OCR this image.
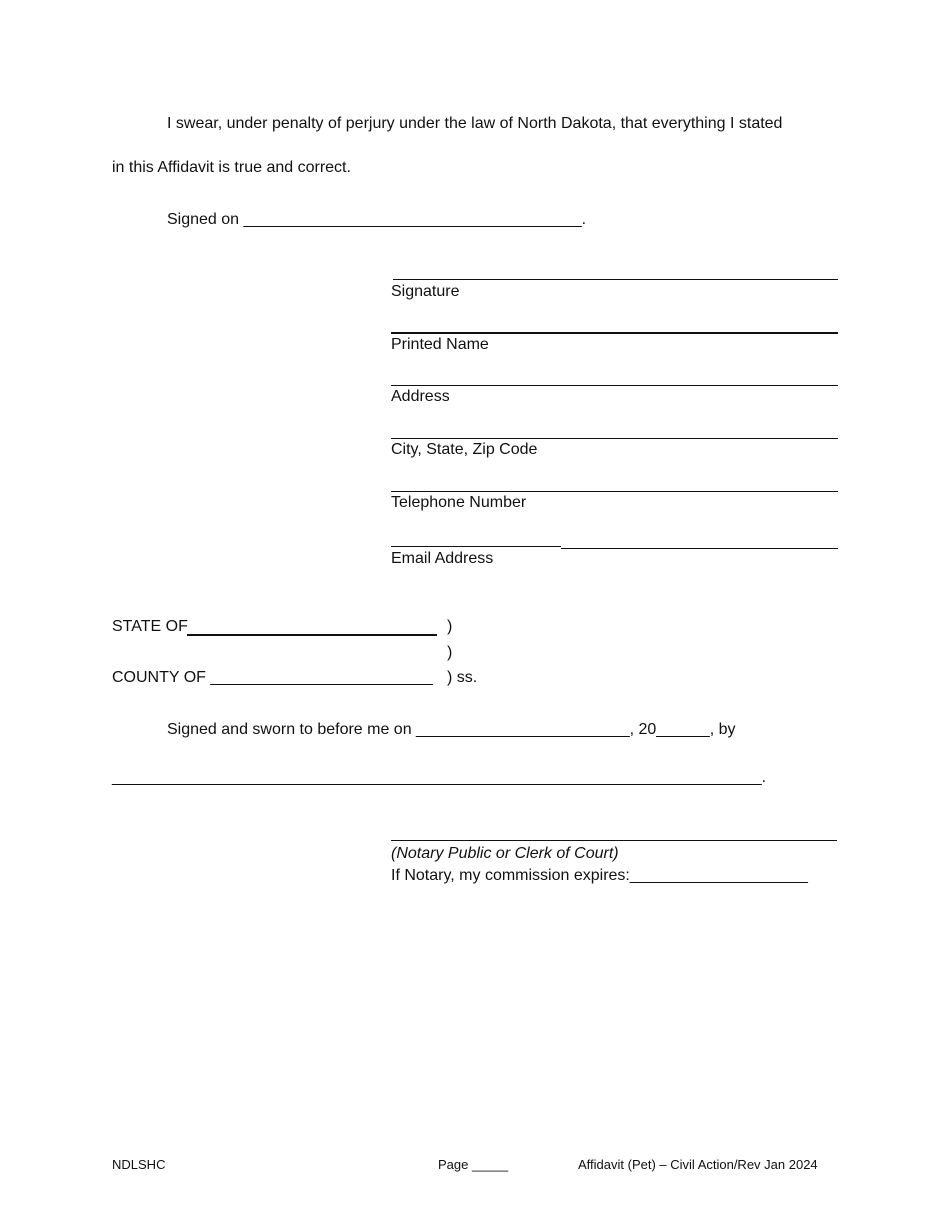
I swear, under penalty of perjury under the law of North Dakota, that everything I stated
in this Affidavit is true and correct.
Signed on ______________________________________.
Signature
Printed Name
Address
City, State, Zip Code
Telephone Number
Email Address
STATE OF	)
)
COUNTY OF _________________________ ) ss.
Signed and sworn to before me on ________________________, 20______, by
_________________________________________________________________________.
(Notary Public or Clerk of Court)
If Notary, my commission expires:____________________
NDLSHC	Page _____	Affidavit (Pet) – Civil Action/Rev Jan 2024
